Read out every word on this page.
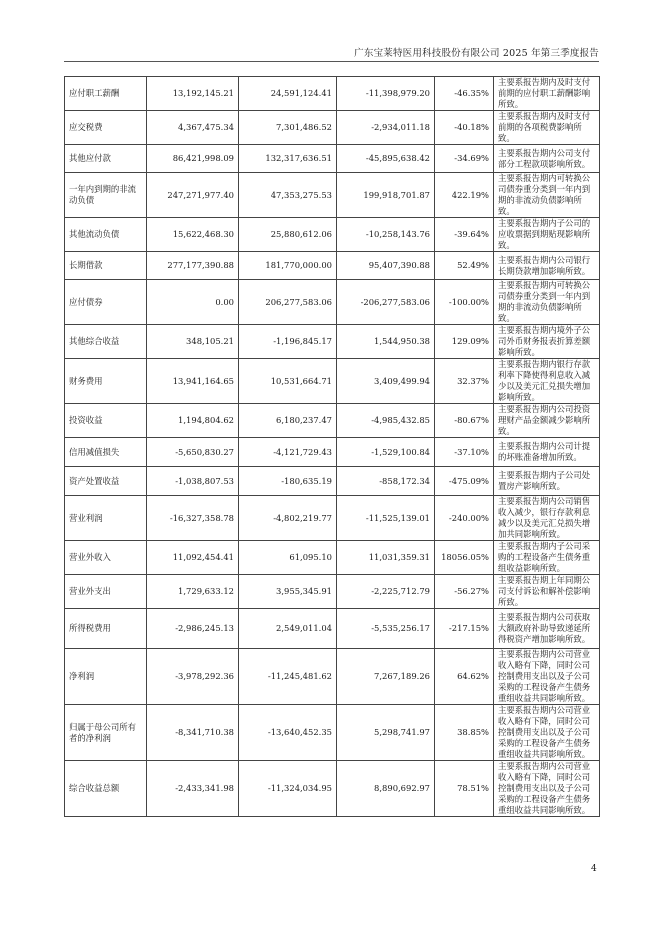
广东宝莱特医用科技股份有限公司 2025 年第三季度报告
应付职工薪酬	13,192,145.21	24,591,124.41	-11,398,979.20	-46.35%	主要系报告期内及时支付前期的应付职工薪酬影响所致。
应交税费	4,367,475.34	7,301,486.52	-2,934,011.18	-40.18%	主要系报告期内及时支付前期的各项税费影响所致。
其他应付款	86,421,998.09	132,317,636.51	-45,895,638.42	-34.69%	主要系报告期内公司支付部分工程款项影响所致。
一年内到期的非流动负债	247,271,977.40	47,353,275.53	199,918,701.87	422.19%	主要系报告期内可转换公司债券重分类到一年内到期的非流动负债影响所致。
其他流动负债	15,622,468.30	25,880,612.06	-10,258,143.76	-39.64%	主要系报告期内子公司的应收票据到期贴现影响所致。
长期借款	277,177,390.88	181,770,000.00	95,407,390.88	52.49%	主要系报告期内公司银行长期贷款增加影响所致。
应付债券	0.00	206,277,583.06	-206,277,583.06	-100.00%	主要系报告期内可转换公司债券重分类到一年内到期的非流动负债影响所致。
其他综合收益	348,105.21	-1,196,845.17	1,544,950.38	129.09%	主要系报告期内境外子公司外币财务报表折算差额影响所致。
财务费用	13,941,164.65	10,531,664.71	3,409,499.94	32.37%	主要系报告期内银行存款利率下降使得利息收入减少以及美元汇兑损失增加影响所致。
投资收益	1,194,804.62	6,180,237.47	-4,985,432.85	-80.67%	主要系报告期内公司投资理财产品金额减少影响所致。
信用减值损失	-5,650,830.27	-4,121,729.43	-1,529,100.84	-37.10%	主要系报告期内公司计提的坏账准备增加所致。
资产处置收益	-1,038,807.53	-180,635.19	-858,172.34	-475.09%	主要系报告期内子公司处置房产影响所致。
营业利润	-16,327,358.78	-4,802,219.77	-11,525,139.01	-240.00%	主要系报告期内公司销售收入减少，银行存款利息减少以及美元汇兑损失增加共同影响所致。
营业外收入	11,092,454.41	61,095.10	11,031,359.31	18056.05%	主要系报告期内子公司采购的工程设备产生债务重组收益影响所致。
营业外支出	1,729,633.12	3,955,345.91	-2,225,712.79	-56.27%	主要系报告期上年同期公司支付诉讼和解补偿影响所致。
所得税费用	-2,986,245.13	2,549,011.04	-5,535,256.17	-217.15%	主要系报告期内公司获取大额政府补助导致递延所得税资产增加影响所致。
净利润	-3,978,292.36	-11,245,481.62	7,267,189.26	64.62%	主要系报告期内公司营业收入略有下降，同时公司控制费用支出以及子公司采购的工程设备产生债务重组收益共同影响所致。
归属于母公司所有者的净利润	-8,341,710.38	-13,640,452.35	5,298,741.97	38.85%	主要系报告期内公司营业收入略有下降，同时公司控制费用支出以及子公司采购的工程设备产生债务重组收益共同影响所致。
综合收益总额	-2,433,341.98	-11,324,034.95	8,890,692.97	78.51%	主要系报告期内公司营业收入略有下降，同时公司控制费用支出以及子公司采购的工程设备产生债务重组收益共同影响所致。
4
